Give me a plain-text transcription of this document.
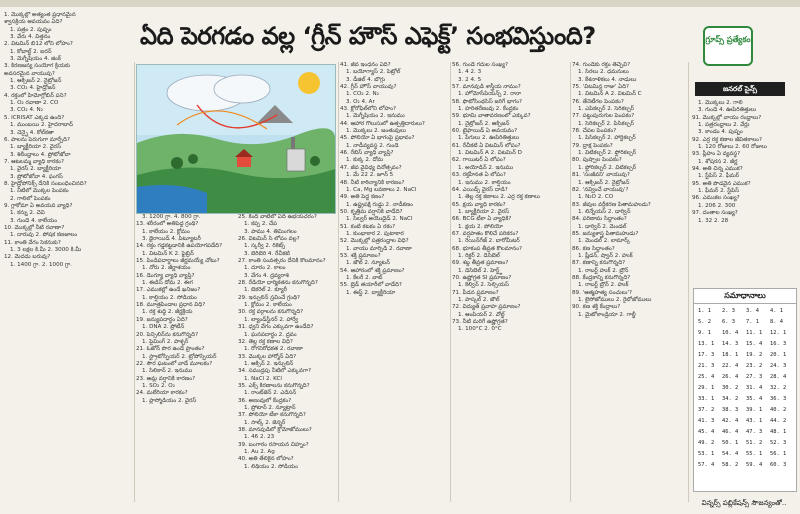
ఏది పెరగడం వల్ల ‘గ్రీన్ హౌస్ ఎఫెక్ట్’ సంభవిస్తుంది?	గ్రూప్స్ ప్రత్యేకం
జనరల్ సైన్స్
1. మొక్కల్లో అత్యంత ప్రధానమైన
శ్వాసక్రియ అవయవం ఏది?
1. పత్రం 2. పుష్పం
3. వేరు 4. విత్తనం
2. విటమిన్ బి12 లోని లోహం?
1. కోబాల్ట్ 2. ఐరన్
3. మెగ్నీషియం 4. జింక్
3. కిరణజన్య సంయోగ క్రియకు
అవసరమైన వాయువు?
1. ఆక్సిజన్ 2. నైట్రోజన్
3. CO₂ 4. హైడ్రోజన్
4. రక్తంలో హిమోగ్లోబిన్ పని?
1. O₂ రవాణా 2. CO
3. CO₂ 4. N₂
5. ICRISAT ఎక్కడ ఉంది?
1. ముంబయి 2. హైదరాబాద్
3. చెన్నై 4. కోల్‌కతా
6. పాలను పెరుగుగా మార్చేది?
1. బ్యాక్టీరియా 2. వైరస్
3. శిలీంధ్రాలు 4. ప్రోటోజోవా
7. ఆటలమ్మ వ్యాధి కారకం?
1. వైరస్ 2. బ్యాక్టీరియా
3. ప్రోటోజోవా 4. ఫంగస్
8. హైడ్రోపోనిక్స్ దేనికి సంబంధించినది?
1. నీటిలో మొక్కల పెంపకం
2. గాలిలో పెంపకం
9. గ్లాకోమా ఏ అవయవ వ్యాధి?
1. కన్ను 2. చెవి
3. గుండె 4. కాలేయం
10. మొక్కల్లో నీటి రవాణా?
1. దారువు 2. పోషక కణజాలం
11. కాంతి వేగం సెకనుకు?
1. 3 లక్షల కి.మీ 2. 3000 కి.మీ
12. మెదడు బరువు?
1. 1400 గ్రా. 2. 1000 గ్రా.
3. 1200 గ్రా. 4. 800 గ్రా.
13. శరీరంలో అతిపెద్ద గ్రంథి?
1. కాలేయం 2. క్లోమం
3. థైరాయిడ్ 4. పిట్యూటరీ
14. రక్తం గడ్డకట్టడానికి ఉపయోగపడేది?
1. విటమిన్ K 2. ఫైబ్రిన్
15. పిండిపదార్థాలు జీర్ణమయ్యే చోటు?
1. నోరు 2. జీర్ణాశయం
16. డెంగ్యూ వ్యాధి వ్యాప్తి?
1. ఈడిస్ దోమ 2. ఈగ
17. ఎముకల్లో ఉండే ఖనిజం?
1. కాల్షియం 2. సోడియం
18. మూత్రపిండాల ప్రధాన విధి?
1. రక్త శుద్ధి 2. జీర్ణక్రియ
19. జన్యుపదార్థం ఏది?
1. DNA 2. ప్రోటీన్
20. పెన్సిలిన్‌ను కనుగొన్నది?
1. ఫ్లెమింగ్ 2. పాశ్చర్
21. ఓజోన్ పొర ఉండే ప్రాంతం?
1. స్ట్రాటోస్ఫియర్ 2. ట్రోపోస్ఫియర్
22. సౌర ఘటంలో వాడే మూలకం?
1. సిలికాన్ 2. ఇనుము
23. ఆమ్ల వర్షానికి కారణం?
1. SO₂ 2. O₂
24. మలేరియా కారకం?
1. ప్లాస్మోడియం 2. వైరస్
25. కింది వాటిలో ఏది ఉభయచరం?
1. కప్ప 2. చేప
3. పాము 4. తిమింగలం
26. విటమిన్ సి లోపం వల్ల?
1. స్కర్వీ 2. రికెట్స్
3. బెరిబెరి 4. రేచీకటి
27. కాంతి సంవత్సరం దేనికి కొలమానం?
1. దూరం 2. కాలం
3. వేగం 4. ద్రవ్యరాశి
28. రేడియో ధార్మికతను కనుగొన్నది?
1. బెకరెల్ 2. క్యూరీ
29. ఇన్సులిన్ స్రవించే గ్రంథి?
1. క్లోమం 2. కాలేయం
30. రక్త వర్గాలను కనుగొన్నది?
1. ల్యాండ్‌స్టీనర్ 2. హార్వే
31. ధ్వని వేగం ఎక్కువగా ఉండేది?
1. ఘనపదార్థం 2. ద్రవం
32. తెల్ల రక్త కణాల విధి?
1. రోగనిరోధకత 2. రవాణా
33. మొక్కల హార్మోన్ ఏది?
1. ఆక్సిన్ 2. ఇన్సులిన్
34. సముద్రపు నీటిలో ఎక్కువగా?
1. NaCl 2. KCl
35. ఎక్స్ కిరణాలను కనుగొన్నది?
1. రాంట్‌జెన్ 2. ఎడిసన్
36. అణువులో కేంద్రకం?
1. ప్రోటాన్ 2. న్యూట్రాన్
37. పోలియో టీకా కనుగొన్నది?
1. సాల్క్ 2. జెన్నర్
38. మానవుడిలో క్రోమోజోములు?
1. 46 2. 23
39. బంగారం రసాయన చిహ్నం?
1. Au 2. Ag
40. అతి తేలికైన లోహం?
1. లిథియం 2. సోడియం
41. జీవ ఇంధనం ఏది?
1. బయోగ్యాస్ 2. పెట్రోల్
3. డీజిల్ 4. బొగ్గు
42. గ్రీన్ హౌస్ వాయువు?
1. CO₂ 2. N₂
3. O₂ 4. Ar
43. క్లోరోఫిల్‌లోని లోహం?
1. మెగ్నీషియం 2. ఇనుము
44. ఆహార గొలుసులో ఉత్పత్తిదారులు?
1. మొక్కలు 2. జంతువులు
45. పోలియో ఏ భాగంపై ప్రభావం?
1. నాడీవ్యవస్థ 2. గుండె
46. రేబిస్ వ్యాధి వ్యాప్తి?
1. కుక్క 2. దోమ
47. జీవ వైవిధ్య దినోత్సవం?
1. మే 22 2. జూన్ 5
48. నీటి కాఠిన్యానికి కారణం?
1. Ca, Mg లవణాలు 2. NaCl
49. అతి పెద్ద కణం?
1. ఉష్ట్రపక్షి గుడ్డు 2. నాడీకణం
50. కృత్రిమ వర్షానికి వాడేది?
1. సిల్వర్ అయొడైడ్ 2. NaCl
51. కంటి కటకం ఏ రకం?
1. కుంభాకార 2. పుటాకార
52. మొక్కల్లో పత్రరంధ్రాల విధి?
1. వాయు మార్పిడి 2. రవాణా
53. శక్తి ప్రమాణం?
1. జౌల్ 2. న్యూటన్
54. ఆహారంలో శక్తి ప్రమాణం?
1. కేలరీ 2. వాట్
55. బ్రెడ్ తయారీలో వాడేది?
1. ఈస్ట్ 2. బ్యాక్టీరియా
56. గుండె గదుల సంఖ్య?
1. 4 2. 3
3. 2 4. 5
57. మానవుడి శాస్త్రీయ నామం?
1. హోమోసేపియన్స్ 2. రానా
58. ఫొటోసింథసిస్ జరిగే భాగం?
1. హరితరేణువు 2. కేంద్రకం
59. భూమి వాతావరణంలో ఎక్కువ?
1. నైట్రోజన్ 2. ఆక్సిజన్
60. టైఫాయిడ్ ఏ అవయవం?
1. పేగులు 2. ఊపిరితిత్తులు
61. రేచీకటి ఏ విటమిన్ లోపం?
1. విటమిన్ A 2. విటమిన్ D
62. గాయిటర్ ఏ లోపం?
1. అయోడిన్ 2. ఇనుము
63. రక్తహీనత ఏ లోపం?
1. ఇనుము 2. కాల్షియం
64. ఎయిడ్స్ వైరస్ దాడి?
1. తెల్ల రక్త కణాలు 2. ఎర్ర రక్త కణాలు
65. క్షయ వ్యాధి కారకం?
1. బ్యాక్టీరియా 2. వైరస్
66. BCG టీకా ఏ వ్యాధికి?
1. క్షయ 2. పోలియో
67. వర్షపాతం కొలిచే పరికరం?
1. రెయిన్‌గేజ్ 2. బారోమీటర్
68. భూకంప తీవ్రత కొలమానం?
1. రిక్టర్ 2. డెసిబెల్
69. శబ్ద తీవ్రత ప్రమాణం?
1. డెసిబెల్ 2. హెర్ట్జ్
70. ఉష్ణోగ్రత SI ప్రమాణం?
1. కెల్విన్ 2. సెల్సియస్
71. పీడన ప్రమాణం?
1. పాస్కల్ 2. జౌల్
72. విద్యుత్ ప్రవాహ ప్రమాణం?
1. ఆంపియర్ 2. వోల్ట్
73. నీటి మరిగే ఉష్ణోగ్రత?
1. 100°C 2. 0°C
74. గుండెకు రక్తం తెచ్చేవి?
1. సిరలు 2. ధమనులు
3. కేశనాళికలు 4. నాడులు
75. 'విటమిన్ల రాజు' ఏది?
1. విటమిన్ A 2. విటమిన్ C
76. తేనెటీగల పెంపకం?
1. ఎపికల్చర్ 2. సెరికల్చర్
77. పట్టుపురుగుల పెంపకం?
1. సెరికల్చర్ 2. పిసికల్చర్
78. చేపల పెంపకం?
1. పిసికల్చర్ 2. హార్టికల్చర్
79. ద్రాక్ష పెంపకం?
1. విటికల్చర్ 2. ఫ్లోరికల్చర్
80. పుష్పాల పెంపకం?
1. ఫ్లోరికల్చర్ 2. విటికల్చర్
81. 'సంజీవని' వాయువు?
1. ఆక్సిజన్ 2. నైట్రోజన్
82. 'నవ్వించే వాయువు'?
1. N₂O 2. CO
83. జీవుల వర్గీకరణ పితామహుడు?
1. లిన్నేయస్ 2. డార్విన్
84. పరిణామ సిద్ధాంతం?
1. డార్విన్ 2. మెండల్
85. జన్యుశాస్త్ర పితామహుడు?
1. మెండల్ 2. లామార్క్
86. కణ సిద్ధాంతం?
1. ష్లీడన్, ష్వాన్ 2. హుక్
87. కణాన్ని కనుగొన్నది?
1. రాబర్ట్ హుక్ 2. బ్రౌన్
88. కేంద్రకాన్ని కనుగొన్నది?
1. రాబర్ట్ బ్రౌన్ 2. హుక్
89. 'ఆత్మహత్య సంచులు'?
1. లైసోజోములు 2. రైబోజోములు
90. కణ శక్తి కేంద్రాలు?
1. మైటోకాండ్రియా 2. గాల్జీ
1. మొక్కలు 2. గాలి
3. గుండె 4. ఊపిరితిత్తులు
91. మొక్కల్లో వాయు రంధ్రాలు?
1. పత్రరంధ్రాలు 2. వేర్లు
3. కాండం 4. పుష్పం
92. ఎర్ర రక్త కణాల జీవితకాలం?
1. 120 రోజులు 2. 60 రోజులు
93. ప్లీహం ఏ వ్యవస్థ?
1. శోషరస 2. జీర్ణ
94. అతి చిన్న ఎముక?
1. స్టేపిస్ 2. ఫీమర్
95. అతి పొడవైన ఎముక?
1. ఫీమర్ 2. స్టేపిస్
96. ఎముకల సంఖ్య?
1. 206 2. 300
97. దంతాల సంఖ్య?
1. 32 2. 28
సమాధానాలు
1. 1	2. 3	3. 4	4. 1
5. 2	6. 3	7. 1	8. 4
9. 1	10. 4	11. 1	12. 1
13. 1	14. 3	15. 4	16. 3
17. 3	18. 1	19. 2	20. 1
21. 3	22. 4	23. 2	24. 3
25. 4	26. 4	27. 3	28. 4
29. 1	30. 2	31. 4	32. 2
33. 1	34. 2	35. 4	36. 3
37. 2	38. 3	39. 1	40. 2
41. 3	42. 4	43. 1	44. 2
45. 4	46. 4	47. 3	48. 1
49. 2	50. 1	51. 2	52. 3
53. 1	54. 4	55. 1	56. 1
57. 4	58. 2	59. 4	60. 3
విన్నర్స్ పబ్లికేషన్స్ సౌజన్యంతో..
